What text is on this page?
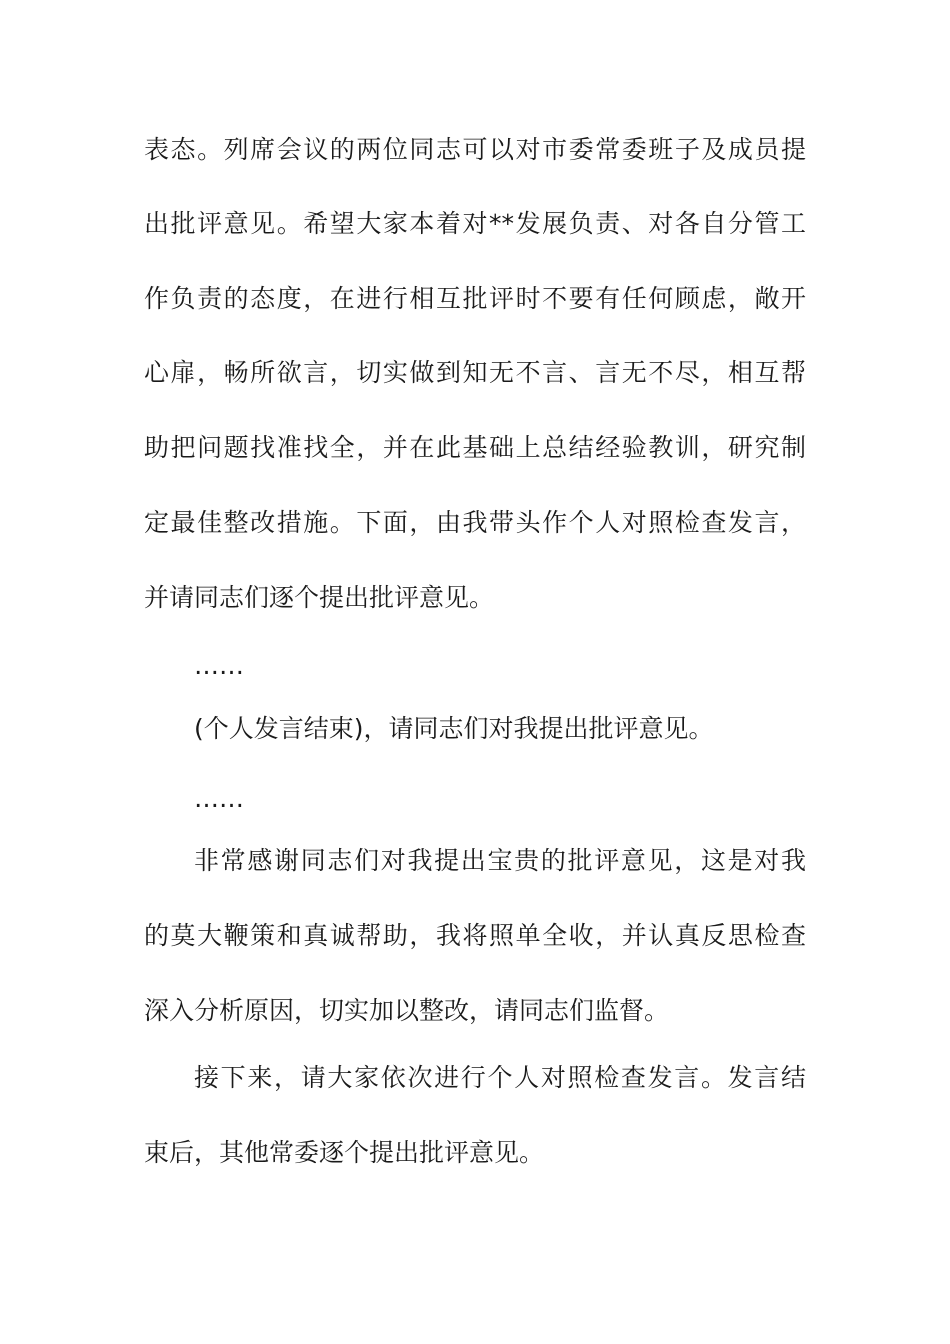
表态。列席会议的两位同志可以对市委常委班子及成员提
出批评意见。希望大家本着对**发展负责、对各自分管工
作负责的态度，在进行相互批评时不要有任何顾虑，敞开
心扉，畅所欲言，切实做到知无不言、言无不尽，相互帮
助把问题找准找全，并在此基础上总结经验教训，研究制
定最佳整改措施。下面，由我带头作个人对照检查发言，
并请同志们逐个提出批评意见。
……
(个人发言结束)，请同志们对我提出批评意见。
……
非常感谢同志们对我提出宝贵的批评意见，这是对我
的莫大鞭策和真诚帮助，我将照单全收，并认真反思检查
深入分析原因，切实加以整改，请同志们监督。
接下来，请大家依次进行个人对照检查发言。发言结
束后，其他常委逐个提出批评意见。
